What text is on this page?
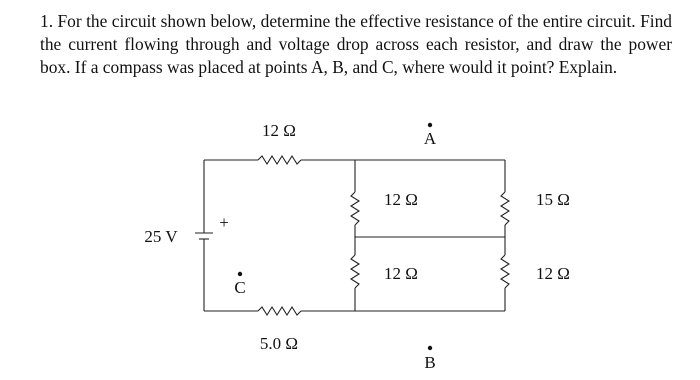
1. For the circuit shown below, determine the effective resistance of the entire circuit. Find the current flowing through and voltage drop across each resistor, and draw the power box. If a compass was placed at points A, B, and C, where would it point? Explain.
12 Ω
5.0 Ω
12 Ω
12 Ω
15 Ω
12 Ω
25 V
+
A
B
C
